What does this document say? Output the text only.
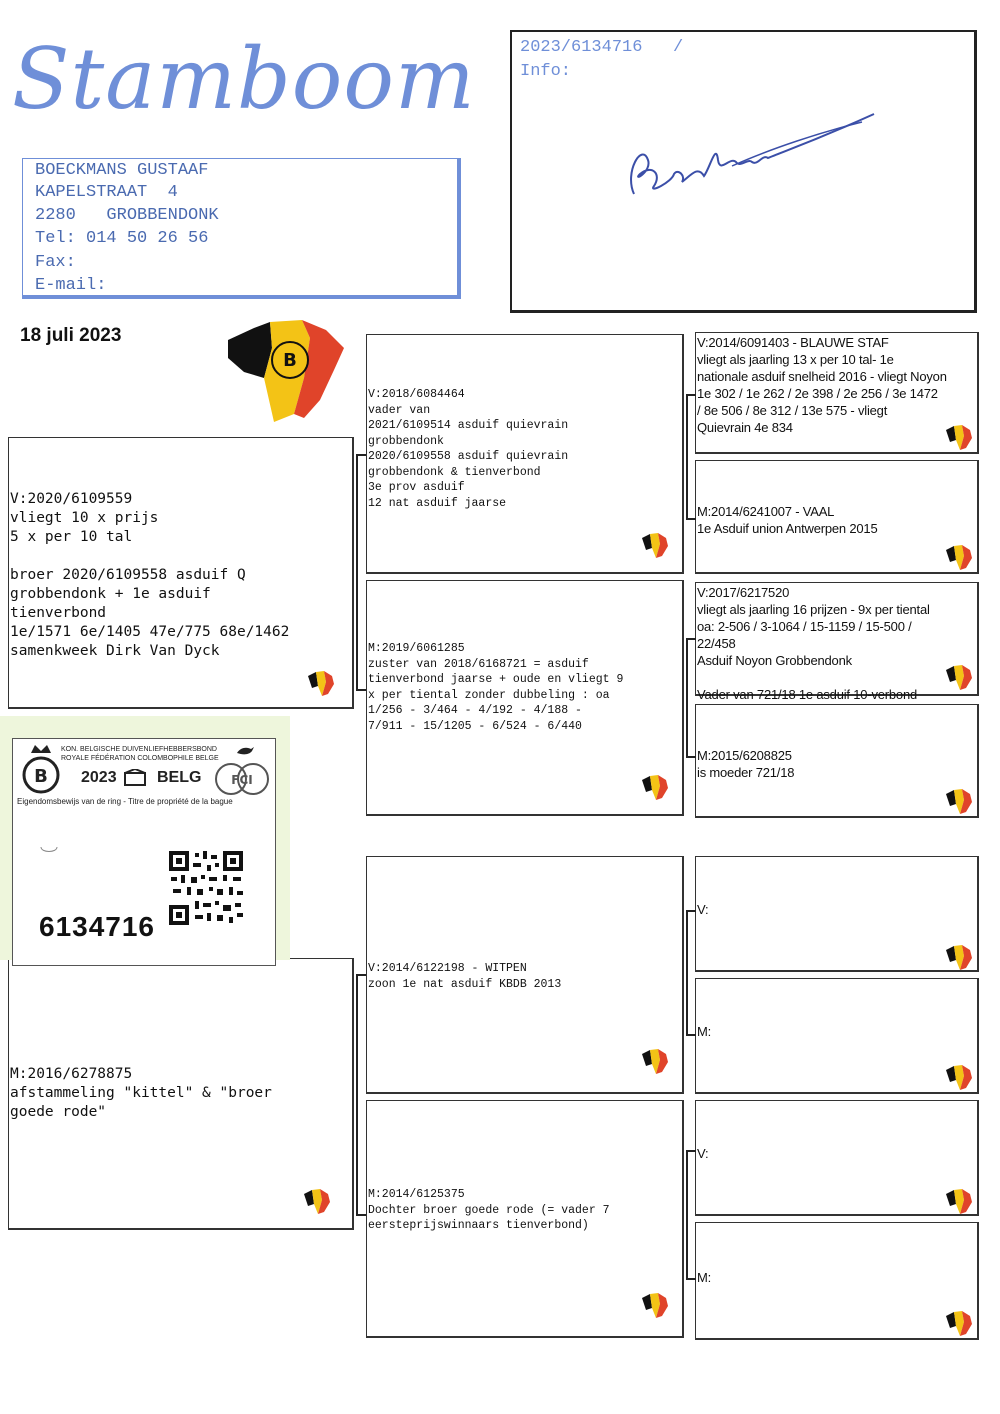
Stamboom
BOECKMANS GUSTAAF
KAPELSTRAAT  4
2280   GROBBENDONK
Tel: 014 50 26 56
Fax:
E-mail:
2023/6134716   /
Info:
18 juli 2023
B
V:2020/6109559
vliegt 10 x prijs
5 x per 10 tal

broer 2020/6109558 asduif Q
grobbendonk + 1e asduif
tienverbond
1e/1571 6e/1405 47e/775 68e/1462
samenkweek Dirk Van Dyck
M:2016/6278875
afstammeling "kittel" & "broer
goede rode"
V:2018/6084464
vader van
2021/6109514 asduif quievrain
grobbendonk
2020/6109558 asduif quievrain
grobbendonk & tienverbond
3e prov asduif
12 nat asduif jaarse
M:2019/6061285
zuster van 2018/6168721 = asduif
tienverbond jaarse + oude en vliegt 9
x per tiental zonder dubbeling : oa
1/256 - 3/464 - 4/192 - 4/188 -
7/911 - 15/1205 - 6/524 - 6/440
V:2014/6122198 - WITPEN
zoon 1e nat asduif KBDB 2013
M:2014/6125375
Dochter broer goede rode (= vader 7
eersteprijswinnaars tienverbond)
V:2014/6091403 - BLAUWE STAF
vliegt als jaarling 13 x per 10 tal- 1e
nationale asduif snelheid 2016 - vliegt Noyon
1e 302 / 1e 262 / 2e 398 / 2e 256 / 3e 1472
/ 8e 506 / 8e 312 / 13e 575 - vliegt
Quievrain 4e 834
M:2014/6241007 - VAAL
1e Asduif union Antwerpen 2015
V:2017/6217520
vliegt als jaarling 16 prijzen - 9x per tiental
oa: 2-506 / 3-1064 / 15-1159 / 15-500 /
22/458
Asduif Noyon Grobbendonk

Vader van 721/18 1e asduif 10-verbond
M:2015/6208825
is moeder 721/18
V:
M:
V:
M:
B
KON. BELGISCHE DUIVENLIEFHEBBERSBOND
ROYALE FÉDÉRATION COLOMBOPHILE BELGE
2023	BELG FCI
Eigendomsbewijs van de ring - Titre de propriété de la bague
6134716
